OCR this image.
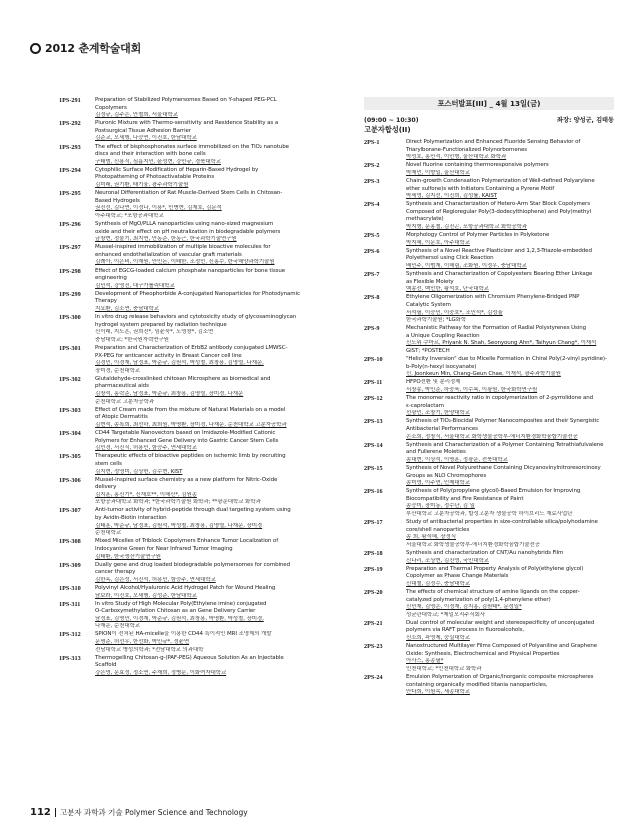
2012 춘계학술대회
1PS-291	Preparation of Stabilized Polymersomes Based on Y-shaped PEG-PCL
Copolymers
김정규, 김주은, 안철희, 서울대학교
1PS-292	Pluronic Mixture with Thermo-sensitivity and Residence Stability as a
Postsurgical Tissue Adhesion Barrier
김준교, 오세행, 나승연, 이진호, 한남대학교
1PS-293	The effect of bisphosphonates surface immobilized on the TiO₂ nanotube
discs and their interaction with bone cells
구태범, 신용식, 심흡지인, 윤성현, 강민규, 경북대학교
1PS-294	Cytophilic Surface Modification of Heparin-Based Hydrogel by
Photopatterning of Photoactivatable Proteins
김미래, 권기환, 태기융, 광주과학기술원
1PS-295	Neuronal Differentiation of Rat Muscle-Derived Stem Cells in Chitosan-
Based Hydrogels
권진선, 김나연, 이정나, 이용*, 민병현, 김재호, 김문석
아주대학교; *포항공과대학교
1PS-296	Synthesis of MgO/PLLA nanoparticles using nano-sized magnesium
oxide and their effect on pH neutralization in biodegradable polymers
금창현, 정물기, 최지연, 안동준, 한동근, 한국과학기술연구원
1PS-297	Mussel-inspired immobilization of multiple bioactive molecules for
enhanced endothelialization of vascular graft materials
김례아, 이은비, 이재원, 안인돈, 이태한, 조정민, 신홍수, 한국해양과학기술원
1PS-298	Effect of EGCG-loaded calcium phosphate nanoparticles for bone tissue
engineering
김민석, 강영진, 대구가톨릭대학교
1PS-299	Development of Pheophorbide A-conjugated Nanoparticles for Photodynamic
Therapy
지요환, 김소연, 충남대학교
1PS-300	In vitro drug release behaviors and cytotoxicity study of glycosaminoglycan
hydrogel system prepared by radiation technique
신이래, 지도흔, 권희진*, 임윤묵*, 노영창*, 김소연
충남대학교; *한국원자력연구원
1PS-301	Preparation and Characterization of ErbB2 antibody conjugated LMWSC-
PX-PEG for anticancer activity in Breast Cancer cell line
김경민, 이경재, 남정표, 박준규, 김원석, 박성철, 최창용, 김명렬, 나재운,
장미경, 순천대학교
1PS-302	Glutaldehyde-crosslinked chitosan Microsphere as biomedical and
pharmaceutical aids
김창석, 홍락준, 남정표, 박준규, 최창용, 김명렬, 장미경, 나재운
순천대학교 고분자공학과
1PS-303	Effect of Cream made from the mixture of Natural Materials on a model
of Atopic Dermatitis
김현석, 송톡희, 최선하, 최희원, 박명환, 장미경, 나재운, 순천대학교 고분자공학과
1PS-304	CD44 Targetable Nanovectors based on Imidazole-Modified Cationic
Polymers for Enhanced Gene Delivery into Gastric Cancer Stem Cells
김민경, 서진식, 허용민, 함승주, 연세대학교
1PS-305	Therapeutic effects of bioactive peptides on ischemic limb by recruiting
stem cells
김지현, 정영미, 김상헌, 김수현, KIST
1PS-306	Mussel-inspired surface chemistry as a new platform for Nitric-Oxide
delivery
김지훈, 홍신기*, 신재호**, 이해신*, 김원종
포항공과대학교 화학과; *한국과학기술원 화학과; **광운대학교 화학과
1PS-307	Anti-tumor activity of hybrid-peptide through dual targeting system using
by Avidin-Biotin interaction
김태훈, 박준규, 남정표, 김원석, 박성철, 최창용, 김명렬, 나재운, 장미경
순천대학교
1PS-308	Mixed Micelles of Triblock Copolymers Enhance Tumor Localization of
Indocyanine Green for Near Infrared Tumor Imaging
김태환, 한국생산기술연구원
1PS-309	Dually gene and drug loaded biodegradable polymersomes for combined
cancer therapy
김한옥, 김은성, 서진석, 허용민, 함승주, 연세대학교
1PS-310	Polyvinyl Alcohol/Hyaluronic Acid Hydrogel Patch for Wound Healing
남보라, 이진호, 오세행, 김성준, 한남대학교
1PS-311	In vitro Study of High Molecular Poly(Ethylene imine) conjugated
O-Carboxymethylation Chitosan as an Gene Delivery Carrier
남정표, 김명민, 이경재, 박준규, 김원석, 최창용, 박명환, 박성철, 장미경,
나재운, 순천대학교
1PS-312	SPION이 전처된 HA-micelle을 이용한 CD44 특이적인 MRI 조영제의 개발
문명준, 허선우, 한선화, 박민규*, 정윤연
전남대학교 병성의학과; *전남대학교 의과대학
1PS-313	Thermogelling Chitosan-g-(PAF-PEG) Aqueous Solution As an Injectable
Scaffold
강은영, 문효정, 정소연, 주재희, 정병문, 이화여자대학교
포스터발표[III] _ 4월 13일(금)
(09:00 ~ 10:30)	좌장: 양성군, 김태동
고분자합성(II)
2PS-1	Direct Polymerization and Enhanced Fluoride Sensing Behavior of
Triarylborane-Functionalized Polynorbornenes
박성호, 홍민석, 이민형, 울산대학교 화학과
2PS-2	Novel fluorine containing thermoresponsive polymers
박재민, 이향일, 울산대학교
2PS-3	Chain-growth Condensation Polymerization of Well-defined Polyarylene
ether sulfone)s with Initiators Containing a Pyrene Motif
박세영, 김지선, 이진희, 김성률, KAIST
2PS-4	Synthesis and Characterization of Hetero-Arm Star Block Copolymers
Composed of Regioregular Poly(3-dodecylthiophene) and Poly(methyl
methacrylate)
박지형, 문홍철, 김진곤, 포항공과대학교 화학공학과
2PS-5	Morphology Control of Polymer Particles in Polyketone
박지혜, 이문호, 아주대학교
2PS-6	Synthesis of a Novel Reactive Plasticizer and 1,2,3-Triazole-embedded
Polyethersol using Click Reaction
배민주, 이범재, 이해림, 조화원, 이정우, 충남대학교
2PS-7	Synthesis and Characterization of Copolyesters Bearing Ether Linkage
as Flexible Moiety
백송선, 백민한, 황석호, 단국대학교
2PS-8	Ethylene Oligomerization with Chromium Phenylene-Bridged PNP
Catalytic System
서석필, 이승민, 이중호*, 조민석*, 김성율
한국과학기술원; *LG화학
2PS-9	Mechanistic Pathway for the Formation of Radial Polystyrenes Using
a Unique Coupling Reaction
신도위 쿠마르, Priyank N. Shah, Seonyoung Ahn*, Taihyun Chang*, 이재석
GIST; *POSTECH
2PS-10	"Helicity Inversion" due to Micelle Formation in Chiral Poly(2-vinyl pyridine)-
b-Poly(n-hexyl isocyanate)
신, Joonkeun Min, Chang-Geun Chae, 이재석, 광주과학기술원
2PS-11	HFPO전환 및 분리정제
서창송, 박인준, 하중욱, 이수복, 이광원, 한국화학연구원
2PS-12	The monomer reactivity ratio in copolymerization of 2-pyrrolidone and
ε-caprolactam
선광민, 조창기, 한양대학교
2PS-13	Synthesis of TiO₂-Biocidal Polymer Nanocomposites and their Synergistic
Antibacterial Performances
손소희, 정창식, 서울대학교 화학생물공학부-에너지환경화학융합기술전공
2PS-14	Synthesis and Characterization of a Polymer Containing Tetrathiafulvalene
and Fullerene Moieties
송대현, 이상석, 이명훈, 정광운, 전북대학교
2PS-15	Synthesis of Novel Polyurethane Containing Dicyanovinylnitroresorcinoxy
Groups as NLO Chromophores
송미영, 이주연, 인제대학교
2PS-16	Synthesis of Poly(propylene glycol)-Based Emulsion for Improving
Biocompatibility and Fire Resistance of Paint
송승미, 장미동, 정수단, 김 일
부산대학교 고분자공학과, 합성고분자 생물공학 하이브리드 재료사업단
2PS-17	Study of antibacterial properties in size-controllable silica/polyhodamine
core/shell nanoparticles
송 희, 황석혜, 장정식
서울대학교 화학생물공학부-에너지환경화학융합기술전공
2PS-18	Synthesis and characterization of CNT/Au nanohybrids Film
신나리, 조상현, 김진영, 국민대학교
2PS-19	Preparation and Thermal Property Analysis of Poly(ethylene glycol)
Copolymer as Phase Change Materials
신대철, 김정수, 충남대학교
2PS-20	The effects of chemical structure of amine ligands on the copper-
catalyzed polymerization of poly(1,4-phenylene ether)
신민재, 김영은, 이정재, 김지홍, 김원태*, 문성일*
성균관대학교; *제일모직주식회사
2PS-21	Dual control of molecular weight and stereospecificity of unconjugated
polymers via RAFT process in fluoroalcohols,
신소희, 곽영제, 숭실대학교
2PS-23	Nanostructured Multilayer Films Composed of Polyaniline and Graphene
Oxide: Synthesis, Electrochemical and Physical Properties
아사스, 홍종필*
인천대학교; *인천대학교 화학과
2PS-24	Emulsion Polymerization of Organic/Inorganic composite microspheres
containing organically modified titania nanoparticles,
안다희, 이원목, 세종대학교
112 고분자 과학과 기술 Polymer Science and Technology
